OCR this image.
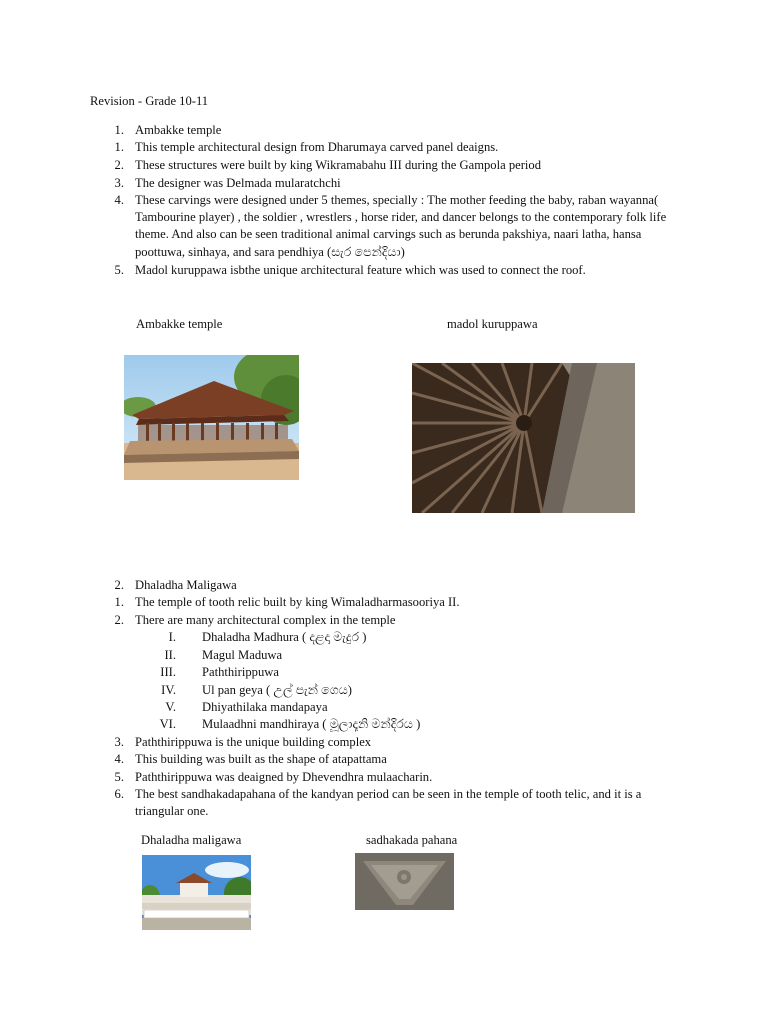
Revision - Grade 10-11
1. Ambakke temple
1. This temple architectural design from Dharumaya carved panel deaigns.
2. These structures were built by king Wikramabahu III during the Gampola period
3. The designer was Delmada mularatchchi
4. These carvings were designed under 5 themes, specially : The mother feeding the baby, raban wayanna( Tambourine player) , the soldier , wrestlers , horse rider, and dancer belongs to the contemporary folk life theme. And also can be seen traditional animal carvings such as berunda pakshiya, naari latha, hansa poottuwa, sinhaya, and sara pendhiya (සැර පෙන්දියා)
5. Madol kuruppawa isbthe unique architectural feature which was used to connect the roof.
Ambakke temple	madol kuruppawa
2. Dhaladha Maligawa
1. The temple of tooth relic built by king Wimaladharmasooriya II.
2. There are many architectural complex in the temple
I. Dhaladha Madhura ( දළදා මැදුර )
II. Magul Maduwa
III. Paththirippuwa
IV. Ul pan geya ( උල් පැන් ගෙය)
V. Dhiyathilaka mandapaya
VI. Mulaadhni mandhiraya ( මූලාදෑනි මන්දිරය )
3. Paththirippuwa is the unique building complex
4. This building was built as the shape of atapattama
5. Paththirippuwa was deaigned by Dhevendhra mulaacharin.
6. The best sandhakadapahana of the kandyan period can be seen in the temple of tooth telic, and it is a triangular one.
Dhaladha maligawa	sadhakada pahana
